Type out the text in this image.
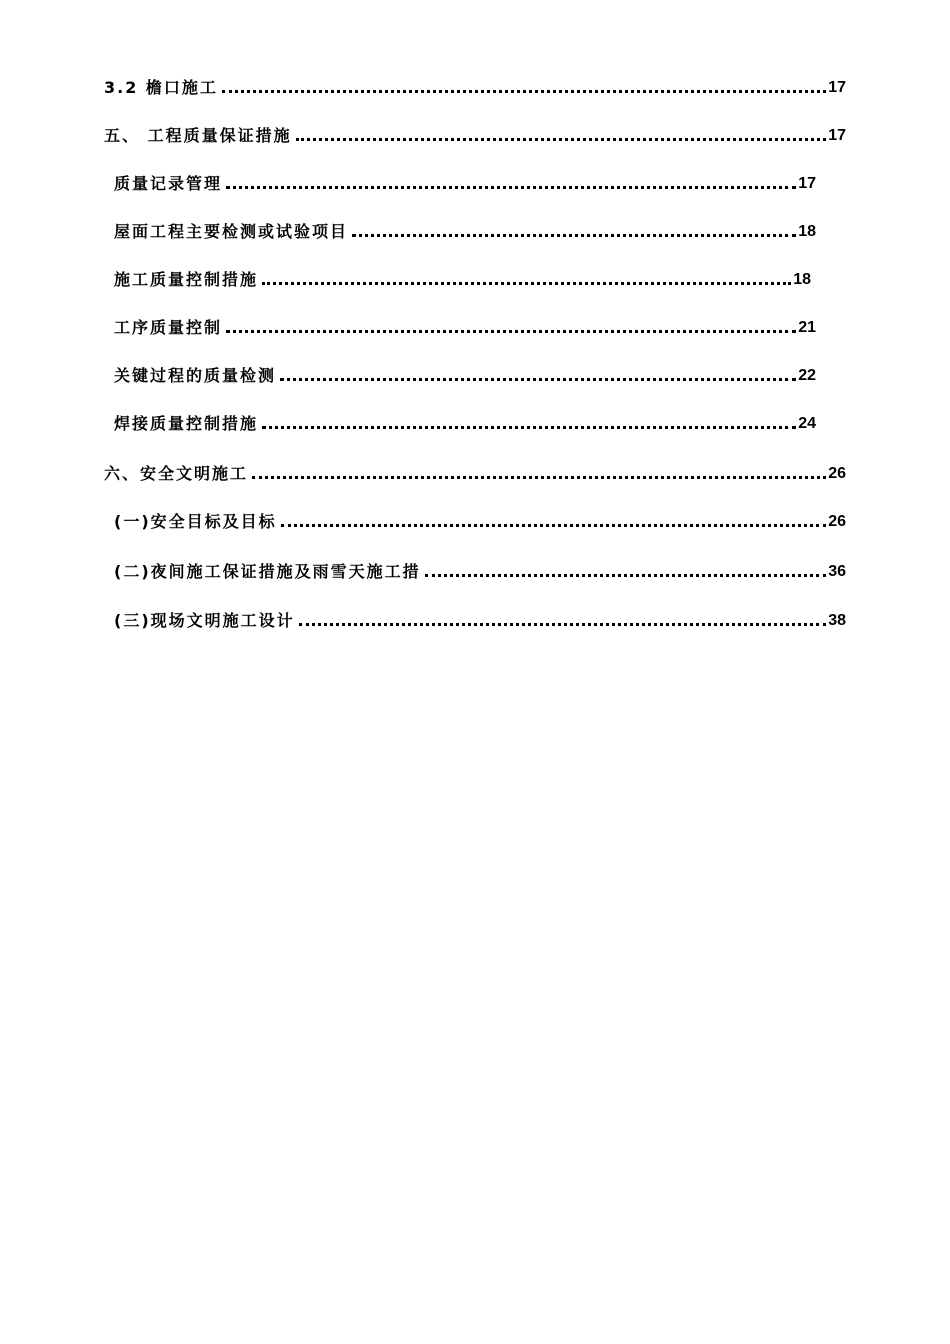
3.2 檐口施工	17
五、 工程质量保证措施	17
质量记录管理	17
屋面工程主要检测或试验项目	18
施工质量控制措施	18
工序质量控制	21
关键过程的质量检测	22
焊接质量控制措施	24
六、安全文明施工	26
(一)安全目标及目标	26
(二)夜间施工保证措施及雨雪天施工措	36
(三)现场文明施工设计	38
